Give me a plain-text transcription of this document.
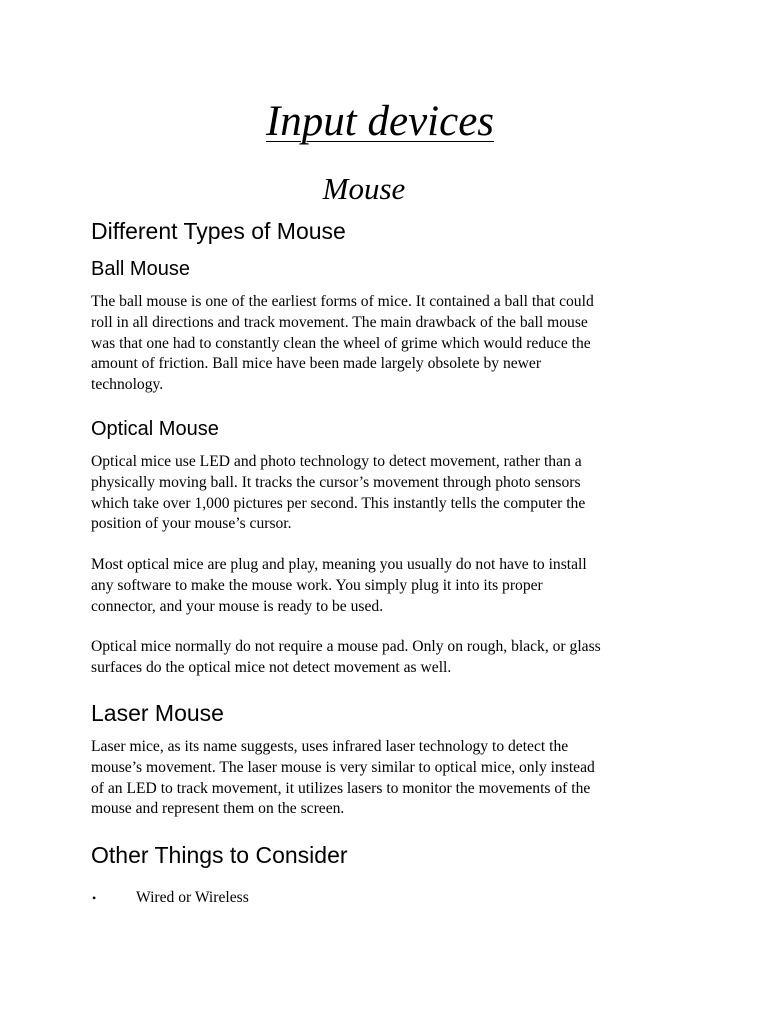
Input devices
Mouse
Different Types of Mouse
Ball Mouse

The ball mouse is one of the earliest forms of mice. It contained a ball that could
roll in all directions and track movement. The main drawback of the ball mouse
was that one had to constantly clean the wheel of grime which would reduce the
amount of friction. Ball mice have been made largely obsolete by newer
technology.

Optical Mouse

Optical mice use LED and photo technology to detect movement, rather than a
physically moving ball. It tracks the cursor’s movement through photo sensors
which take over 1,000 pictures per second. This instantly tells the computer the
position of your mouse’s cursor.

Most optical mice are plug and play, meaning you usually do not have to install
any software to make the mouse work. You simply plug it into its proper
connector, and your mouse is ready to be used.

Optical mice normally do not require a mouse pad. Only on rough, black, or glass
surfaces do the optical mice not detect movement as well.

Laser Mouse

Laser mice, as its name suggests, uses infrared laser technology to detect the
mouse’s movement. The laser mouse is very similar to optical mice, only instead
of an LED to track movement, it utilizes lasers to monitor the movements of the
mouse and represent them on the screen.

Other Things to Consider
•	Wired or Wireless
